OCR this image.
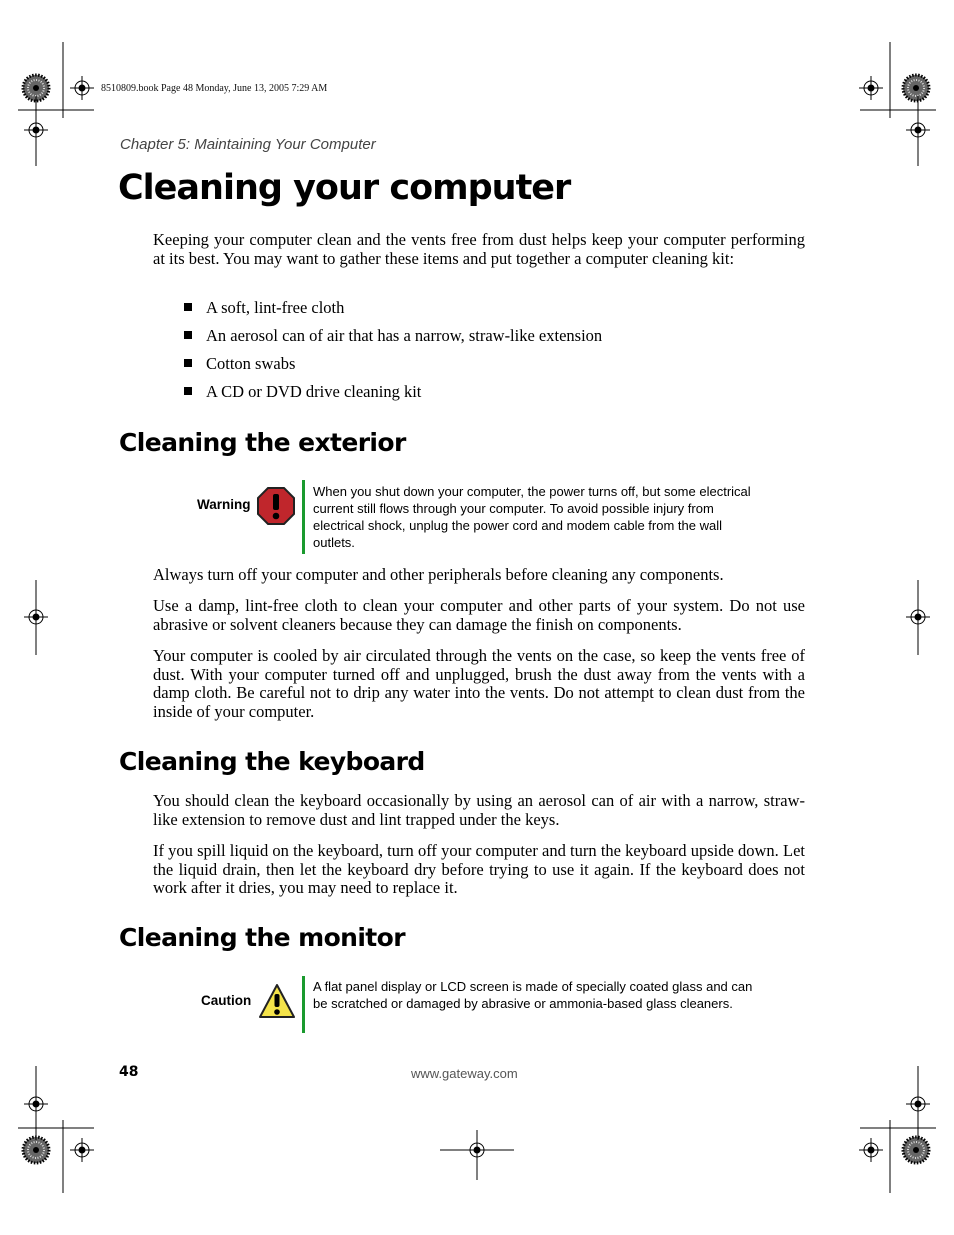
8510809.book Page 48 Monday, June 13, 2005 7:29 AM
Chapter 5: Maintaining Your Computer
Cleaning your computer

Keeping your computer clean and the vents free from dust helps keep your computer performing at its best. You may want to gather these items and put together a computer cleaning kit:

A soft, lint-free cloth
An aerosol can of air that has a narrow, straw-like extension
Cotton swabs
A CD or DVD drive cleaning kit
Cleaning the exterior
Warning

When you shut down your computer, the power turns off, but some electrical current still flows through your computer. To avoid possible injury from electrical shock, unplug the power cord and modem cable from the wall outlets.

Always turn off your computer and other peripherals before cleaning any components.

Use a damp, lint-free cloth to clean your computer and other parts of your system. Do not use abrasive or solvent cleaners because they can damage the finish on components.

Your computer is cooled by air circulated through the vents on the case, so keep the vents free of dust. With your computer turned off and unplugged, brush the dust away from the vents with a damp cloth. Be careful not to drip any water into the vents. Do not attempt to clean dust from the inside of your computer.

Cleaning the keyboard

You should clean the keyboard occasionally by using an aerosol can of air with a narrow, straw-like extension to remove dust and lint trapped under the keys.

If you spill liquid on the keyboard, turn off your computer and turn the keyboard upside down. Let the liquid drain, then let the keyboard dry before trying to use it again. If the keyboard does not work after it dries, you may need to replace it.

Cleaning the monitor
Caution

A flat panel display or LCD screen is made of specially coated glass and can be scratched or damaged by abrasive or ammonia-based glass cleaners.

48	www.gateway.com
